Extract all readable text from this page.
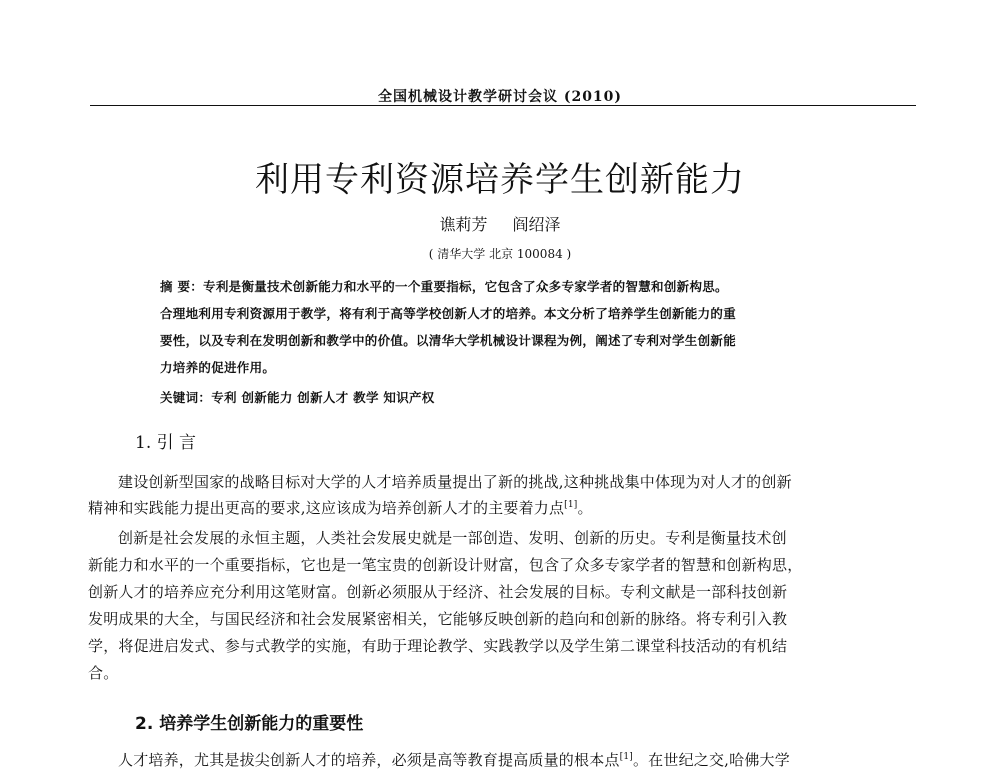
全国机械设计教学研讨会议 (2010)
利用专利资源培养学生创新能力
谯莉芳 阎绍泽
( 清华大学 北京 100084 )
摘 要：专利是衡量技术创新能力和水平的一个重要指标，它包含了众多专家学者的智慧和创新构思。
合理地利用专利资源用于教学，将有利于高等学校创新人才的培养。本文分析了培养学生创新能力的重
要性，以及专利在发明创新和教学中的价值。以清华大学机械设计课程为例，阐述了专利对学生创新能
力培养的促进作用。
关键词：专利 创新能力 创新人才 教学 知识产权
1. 引 言
建设创新型国家的战略目标对大学的人才培养质量提出了新的挑战,这种挑战集中体现为对人才的创新
精神和实践能力提出更高的要求,这应该成为培养创新人才的主要着力点[1]。
创新是社会发展的永恒主题，人类社会发展史就是一部创造、发明、创新的历史。专利是衡量技术创
新能力和水平的一个重要指标，它也是一笔宝贵的创新设计财富，包含了众多专家学者的智慧和创新构思，
创新人才的培养应充分利用这笔财富。创新必须服从于经济、社会发展的目标。专利文献是一部科技创新
发明成果的大全，与国民经济和社会发展紧密相关，它能够反映创新的趋向和创新的脉络。将专利引入教
学，将促进启发式、参与式教学的实施，有助于理论教学、实践教学以及学生第二课堂科技活动的有机结
合。
2. 培养学生创新能力的重要性
人才培养，尤其是拔尖创新人才的培养，必须是高等教育提高质量的根本点[1]。在世纪之交,哈佛大学
